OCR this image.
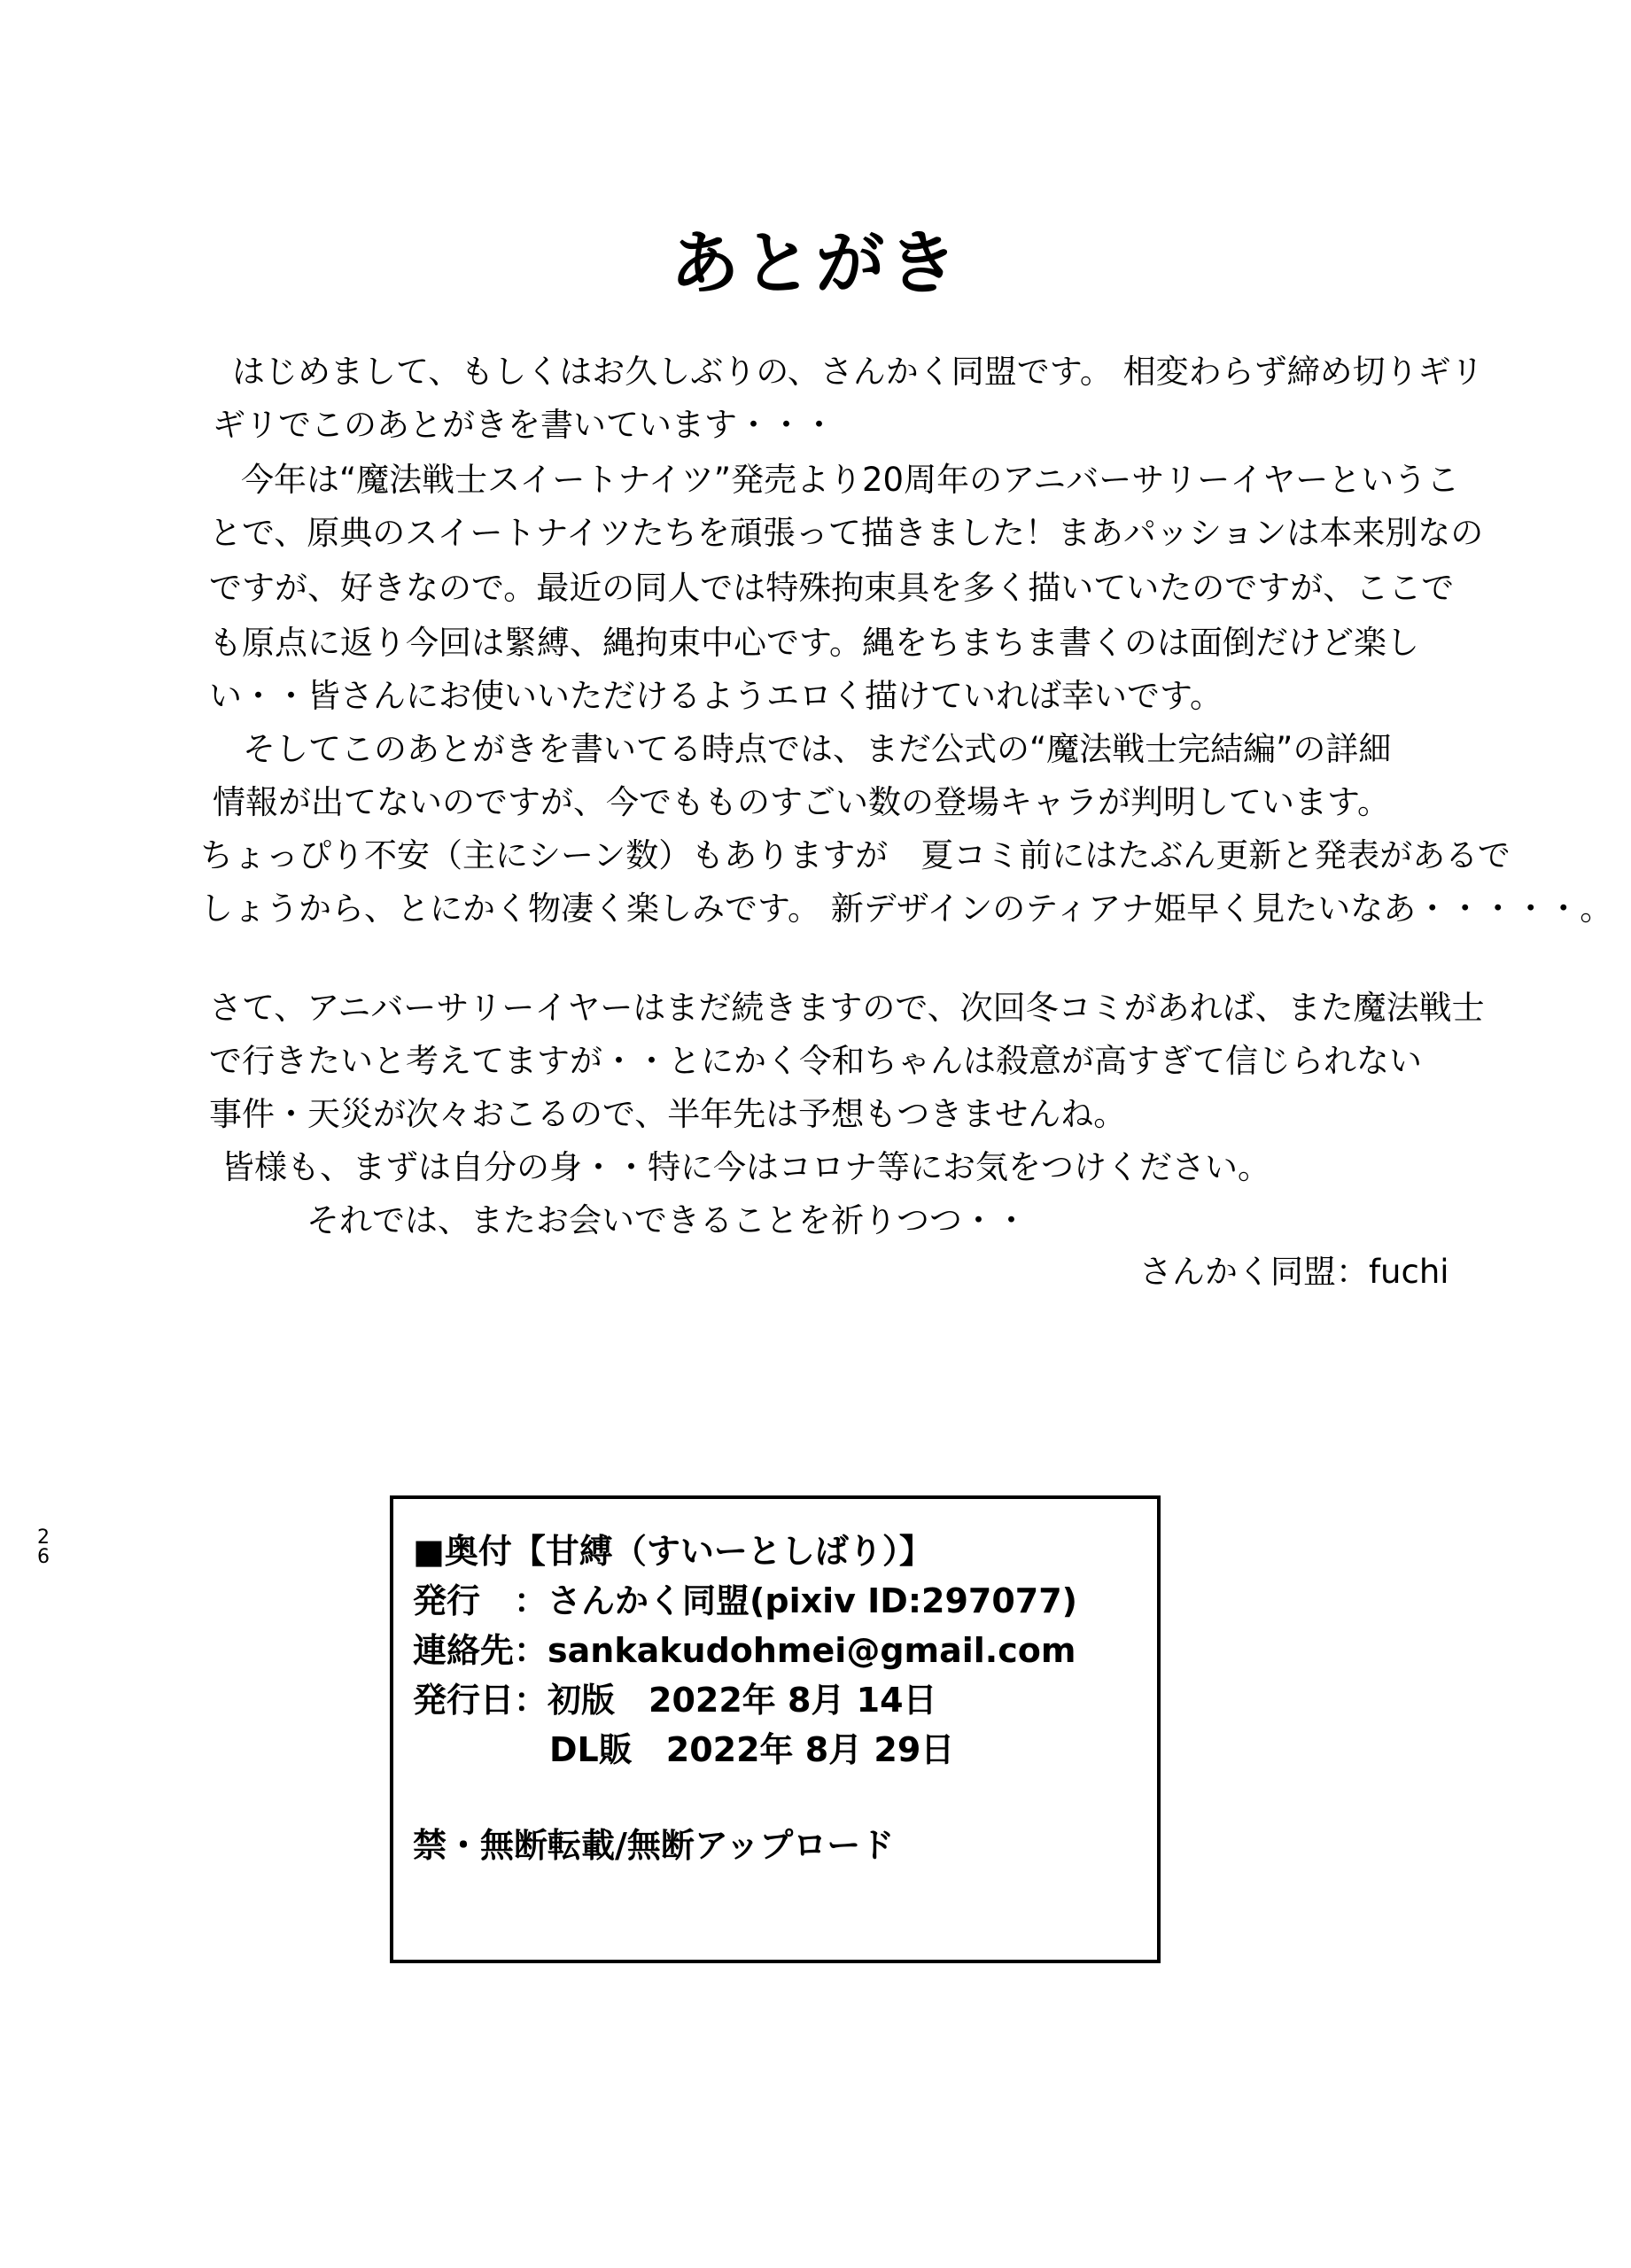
あとがき

はじめまして、もしくはお久しぶりの、さんかく同盟です。 相変わらず締め切りギリ

ギリでこのあとがきを書いています・・・

今年は“魔法戦士スイートナイツ”発売より20周年のアニバーサリーイヤーというこ

とで、原典のスイートナイツたちを頑張って描きました！まあパッションは本来別なの

ですが、好きなので。最近の同人では特殊拘束具を多く描いていたのですが、ここで

も原点に返り今回は緊縛、縄拘束中心です。縄をちまちま書くのは面倒だけど楽し

い・・皆さんにお使いいただけるようエロく描けていれば幸いです。

そしてこのあとがきを書いてる時点では、まだ公式の“魔法戦士完結編”の詳細

情報が出てないのですが、今でもものすごい数の登場キャラが判明しています。

ちょっぴり不安（主にシーン数）もありますが　夏コミ前にはたぶん更新と発表があるで

しょうから、とにかく物凄く楽しみです。 新デザインのティアナ姫早く見たいなあ・・・・・。

さて、アニバーサリーイヤーはまだ続きますので、次回冬コミがあれば、また魔法戦士

で行きたいと考えてますが・・とにかく令和ちゃんは殺意が高すぎて信じられない

事件・天災が次々おこるので、半年先は予想もつきませんね。

皆様も、まずは自分の身・・特に今はコロナ等にお気をつけください。

それでは、またお会いできることを祈りつつ・・

さんかく同盟：fuchi

■奥付【甘縛（すいーとしばり）】

発行　：さんかく同盟(pixiv ID:297077)

連絡先：sankakudohmei@gmail.com

発行日：初版　2022年 8月 14日

DL販　2022年 8月 29日

禁・無断転載/無断アップロード

2
6
